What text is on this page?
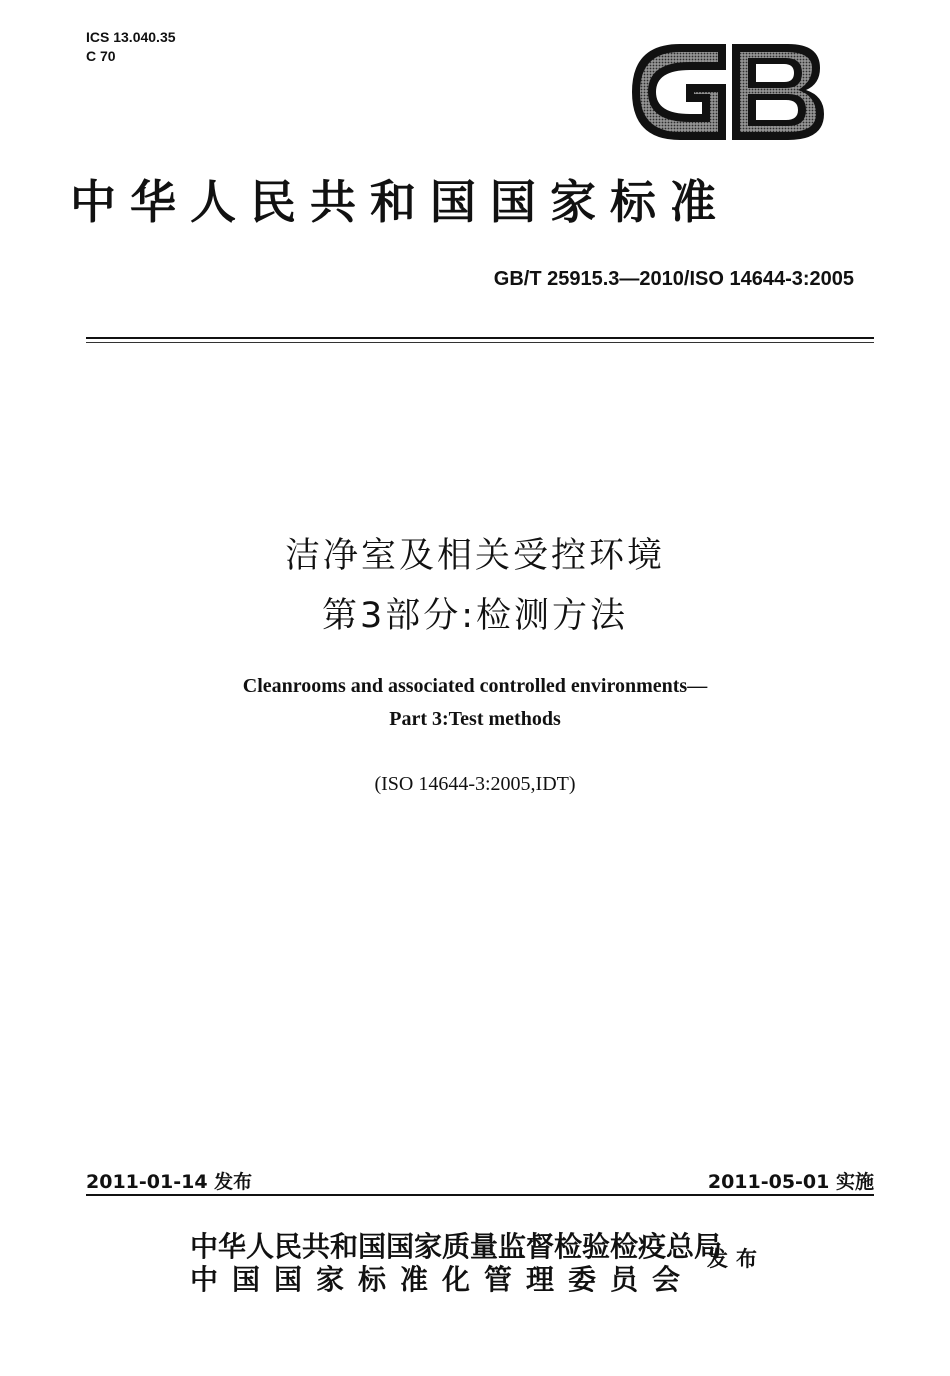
ICS 13.040.35
C 70
中华人民共和国国家标准
GB/T 25915.3—2010/ISO 14644-3:2005
洁净室及相关受控环境
第3部分:检测方法
Cleanrooms and associated controlled environments—
Part 3:Test methods
(ISO 14644-3:2005,IDT)
2011-01-14 发布	2011-05-01 实施
中华人民共和国国家质量监督检验检疫总局
中国国家标准化管理委员会
发布
